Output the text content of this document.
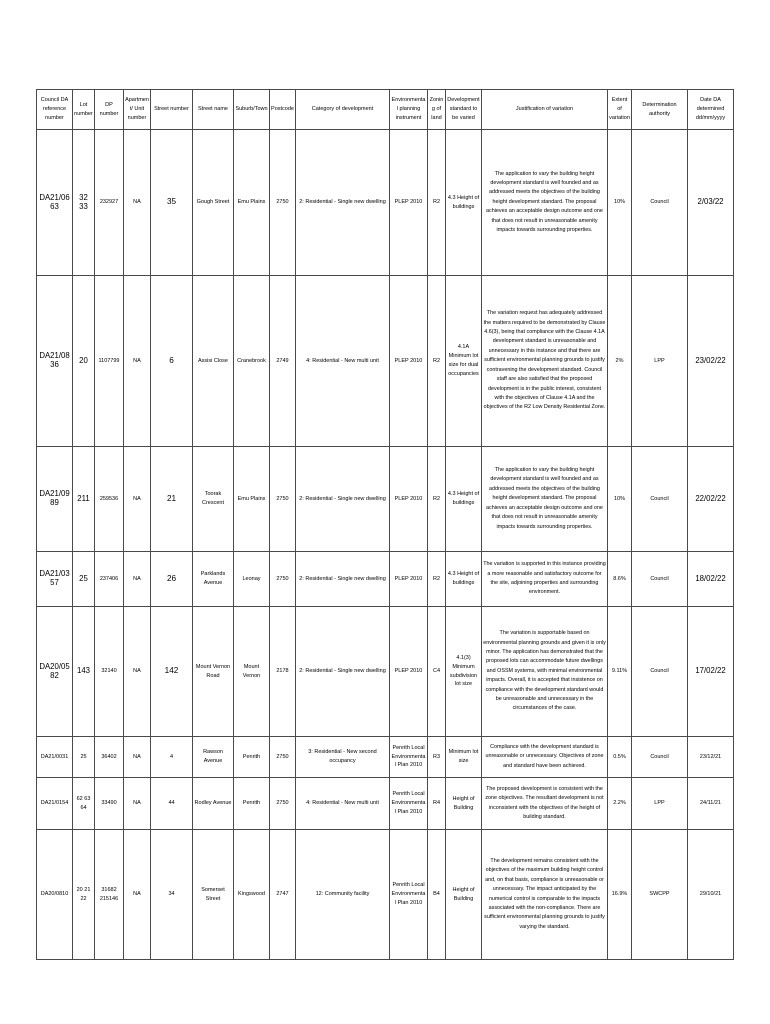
Council DA reference number	Lot number	DP number	Apartment/ Unit number	Street number	Street name	Suburb/Town	Postcode	Category of development	Environmental planning instrument	Zoning of land	Development standard to be varied	Justification of variation	Extent of variation	Determination authority	Date DA determined dd/mm/yyyy
DA21/0663	32 33	232927	NA	35	Gough Street	Emu Plains	2750	2: Residential - Single new dwelling	PLEP 2010	R2	4.3 Height of buildings	The application to vary the building height development standard is well founded and as addressed meets the objectives of the building height development standard. The proposal achieves an acceptable design outcome and one that does not result in unreasonable amenity impacts towards surrounding properties.	10%	Council	2/03/22
DA21/0836	20	1107799	NA	6	Assisi Close	Cranebrook	2749	4: Residential - New multi unit	PLEP 2010	R2	4.1A Minimum lot size for dual occupancies	The variation request has adequately addressed the matters required to be demonstrated by Clause 4.6(3), being that compliance with the Clause 4.1A development standard is unreasonable and unnecessary in this instance and that there are sufficient environmental planning grounds to justify contravening the development standard. Council staff are also satisfied that the proposed development is in the public interest, consistent with the objectives of Clause 4.1A and the objectives of the R2 Low Density Residential Zone.	2%	LPP	23/02/22
DA21/0989	211	259536	NA	21	Toorak Crescent	Emu Plains	2750	2: Residential - Single new dwelling	PLEP 2010	R2	4.3 Height of buildings	The application to vary the building height development standard is well founded and as addressed meets the objectives of the building height development standard. The proposal achieves an acceptable design outcome and one that does not result in unreasonable amenity impacts towards surrounding properties.	10%	Council	22/02/22
DA21/0357	25	237406	NA	26	Parklands Avenue	Leonay	2750	2: Residential - Single new dwelling	PLEP 2010	R2	4.3 Height of buildings	The variation is supported in this instance providing a more reasonable and satisfactory outcome for the site, adjoining properties and surrounding environment.	8.6%	Council	18/02/22
DA20/0582	143	32140	NA	142	Mount Vernon Road	Mount Vernon	2178	2: Residential - Single new dwelling	PLEP 2010	C4	4.1(3) Minimum subdivision lot size	The variation is supportable based on environmental planning grounds and given it is only minor. The application has demonstrated that the proposed lots can accommodate future dwellings and OSSM systems, with minimal environmental impacts. Overall, it is accepted that insistence on compliance with the development standard would be unreasonable and unnecessary in the circumstances of the case.	9.11%	Council	17/02/22
DA21/0031	25	36402	NA	4	Rawson Avenue	Penrith	2750	3: Residential - New second occupancy	Penrith Local Environmental Plan 2010	R3	Minimum lot size	Compliance with the development standard is unreasonable or unnecessary. Objectives of zone and standard have been achieved.	0.5%	Council	23/12/21
DA21/0154	62 63 64	33490	NA	44	Rodley Avenue	Penrith	2750	4: Residential - New multi unit	Penrith Local Environmental Plan 2010	R4	Height of Building	The proposed development is consistent with the zone objectives. The resultant development is not inconsistent with the objectives of the height of building standard.	2.2%	LPP	24/11/21
DA20/0810	20 21 22	31682 215146	NA	34	Somerset Street	Kingswood	2747	12: Community facility	Penrith Local Environmental Plan 2010	B4	Height of Building	The development remains consistent with the objectives of the maximum building height control and, on that basis, compliance is unreasonable or unnecessary. The impact anticipated by the numerical control is comparable to the impacts associated with the non-compliance. There are sufficient environmental planning grounds to justify varying the standard.	16.9%	SWCPP	29/10/21
